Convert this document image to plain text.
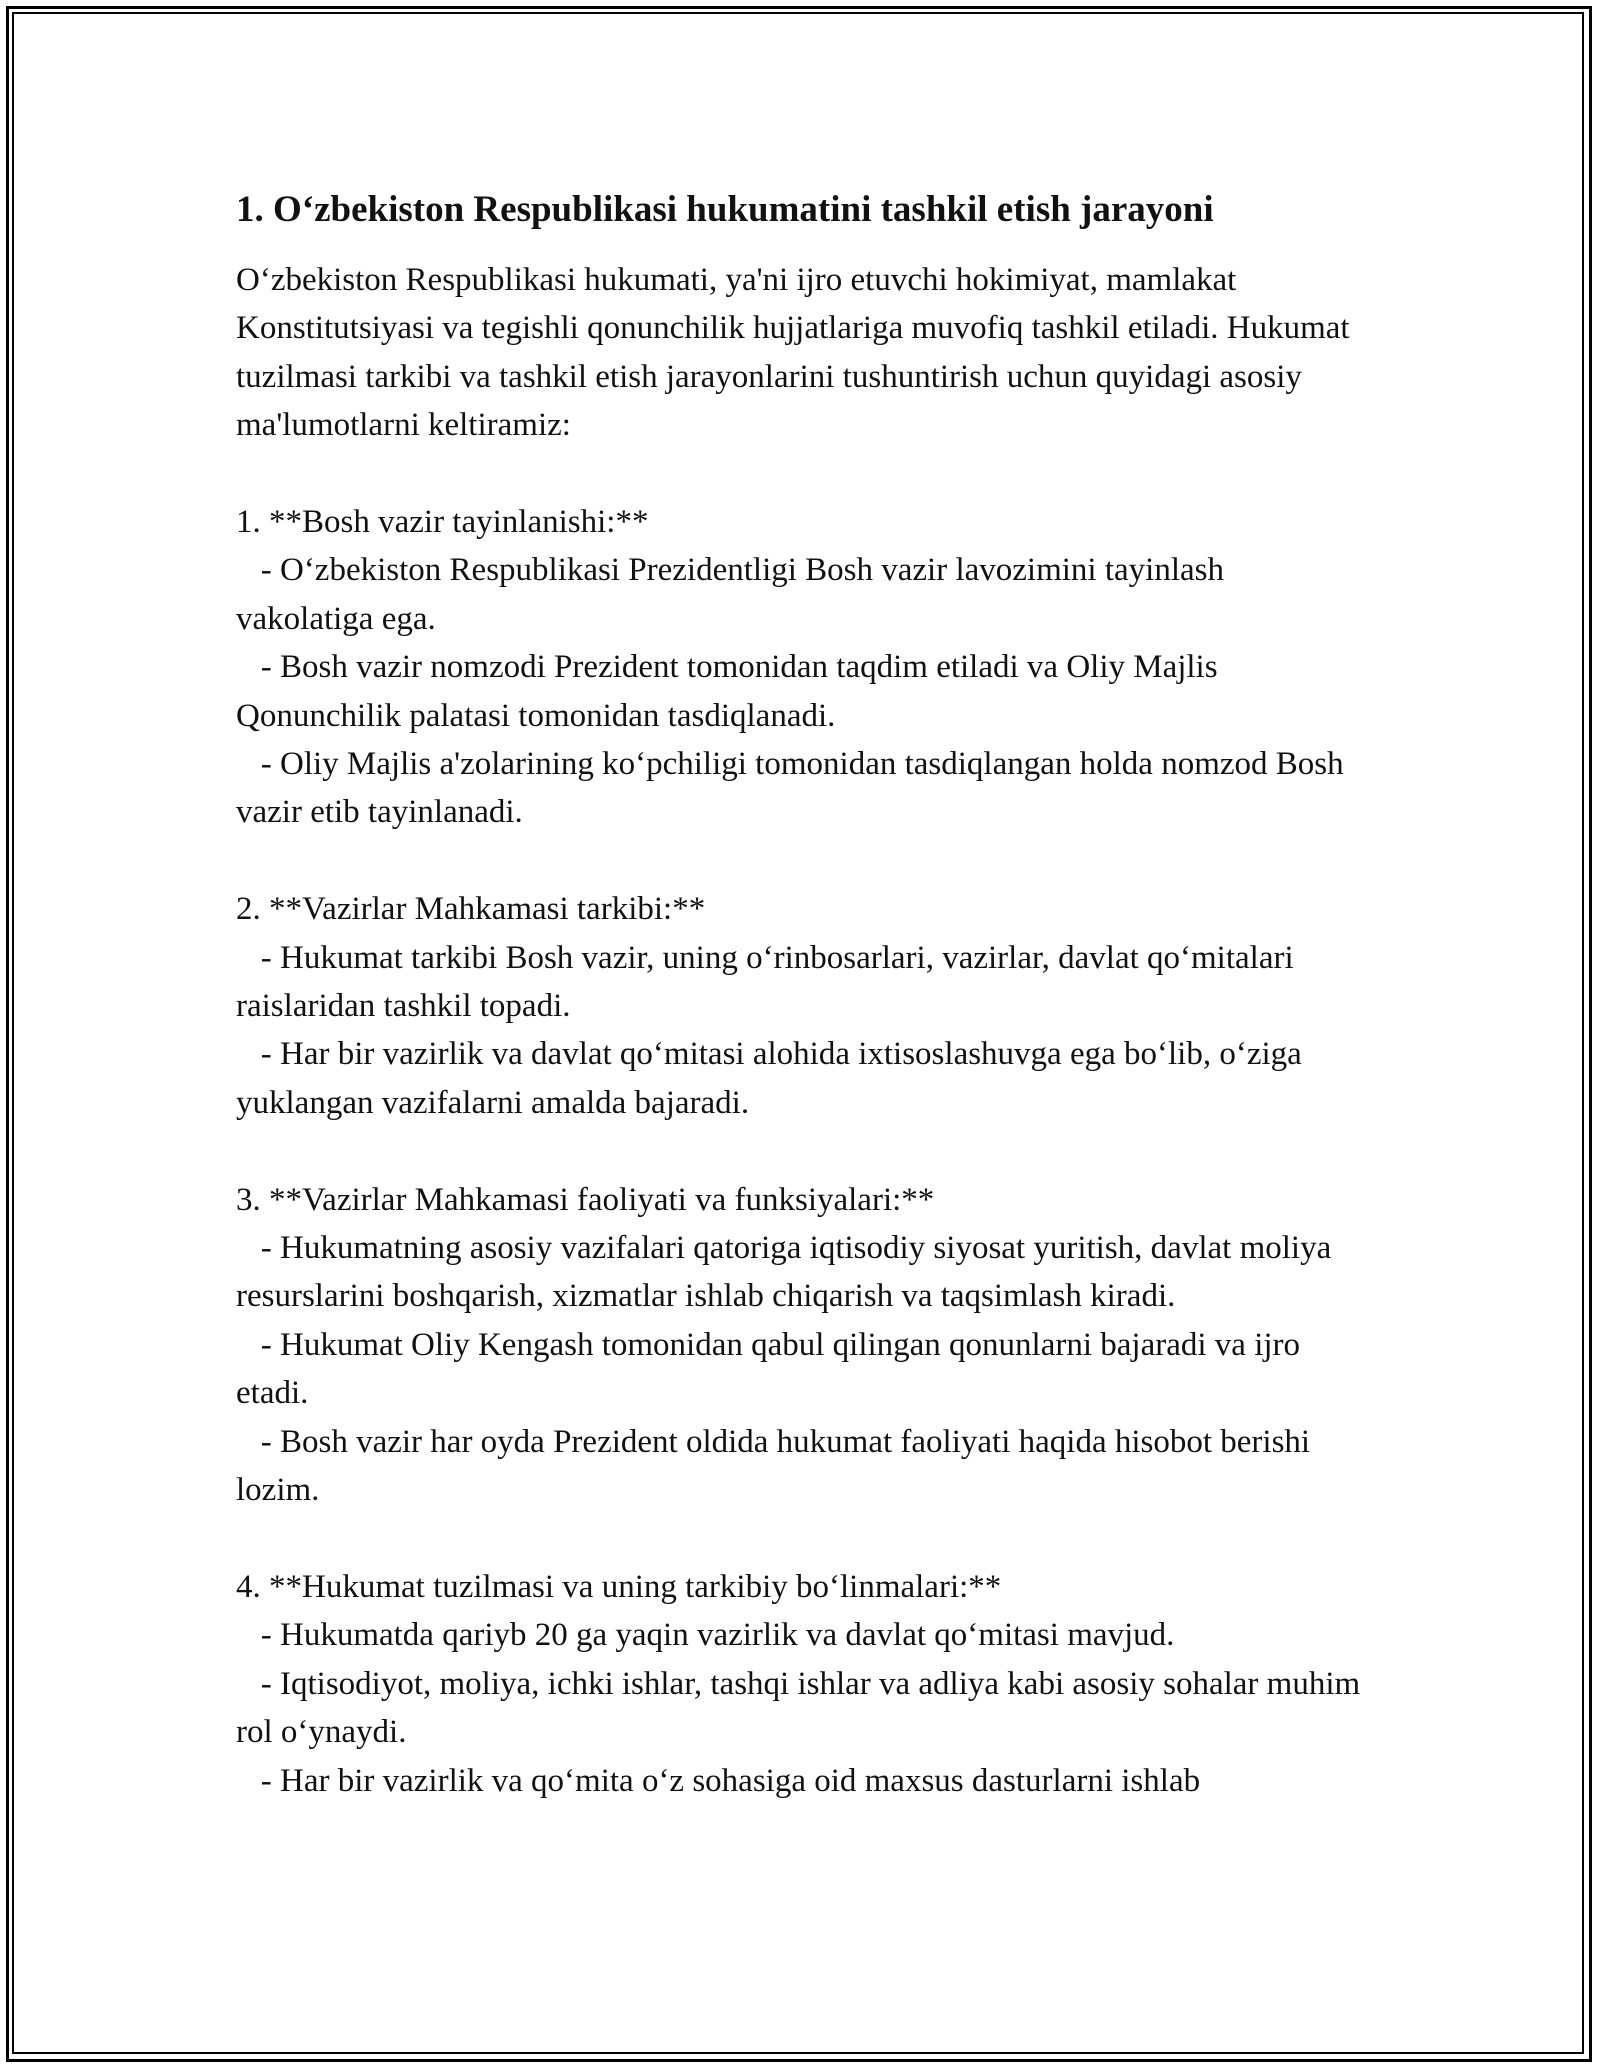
1. O‘zbekiston Respublikasi hukumatini tashkil etish jarayoni

O‘zbekiston Respublikasi hukumati, ya'ni ijro etuvchi hokimiyat, mamlakat Konstitutsiyasi va tegishli qonunchilik hujjatlariga muvofiq tashkil etiladi. Hukumat tuzilmasi tarkibi va tashkil etish jarayonlarini tushuntirish uchun quyidagi asosiy ma'lumotlarni keltiramiz:

1. **Bosh vazir tayinlanishi:**

- O‘zbekiston Respublikasi Prezidentligi Bosh vazir lavozimini tayinlash vakolatiga ega.

- Bosh vazir nomzodi Prezident tomonidan taqdim etiladi va Oliy Majlis Qonunchilik palatasi tomonidan tasdiqlanadi.

- Oliy Majlis a'zolarining ko‘pchiligi tomonidan tasdiqlangan holda nomzod Bosh vazir etib tayinlanadi.

2. **Vazirlar Mahkamasi tarkibi:**

- Hukumat tarkibi Bosh vazir, uning o‘rinbosarlari, vazirlar, davlat qo‘mitalari raislaridan tashkil topadi.

- Har bir vazirlik va davlat qo‘mitasi alohida ixtisoslashuvga ega bo‘lib, o‘ziga yuklangan vazifalarni amalda bajaradi.

3. **Vazirlar Mahkamasi faoliyati va funksiyalari:**

- Hukumatning asosiy vazifalari qatoriga iqtisodiy siyosat yuritish, davlat moliya resurslarini boshqarish, xizmatlar ishlab chiqarish va taqsimlash kiradi.

- Hukumat Oliy Kengash tomonidan qabul qilingan qonunlarni bajaradi va ijro etadi.

- Bosh vazir har oyda Prezident oldida hukumat faoliyati haqida hisobot berishi lozim.

4. **Hukumat tuzilmasi va uning tarkibiy bo‘linmalari:**

- Hukumatda qariyb 20 ga yaqin vazirlik va davlat qo‘mitasi mavjud.

- Iqtisodiyot, moliya, ichki ishlar, tashqi ishlar va adliya kabi asosiy sohalar muhim rol o‘ynaydi.

- Har bir vazirlik va qo‘mita o‘z sohasiga oid maxsus dasturlarni ishlab
